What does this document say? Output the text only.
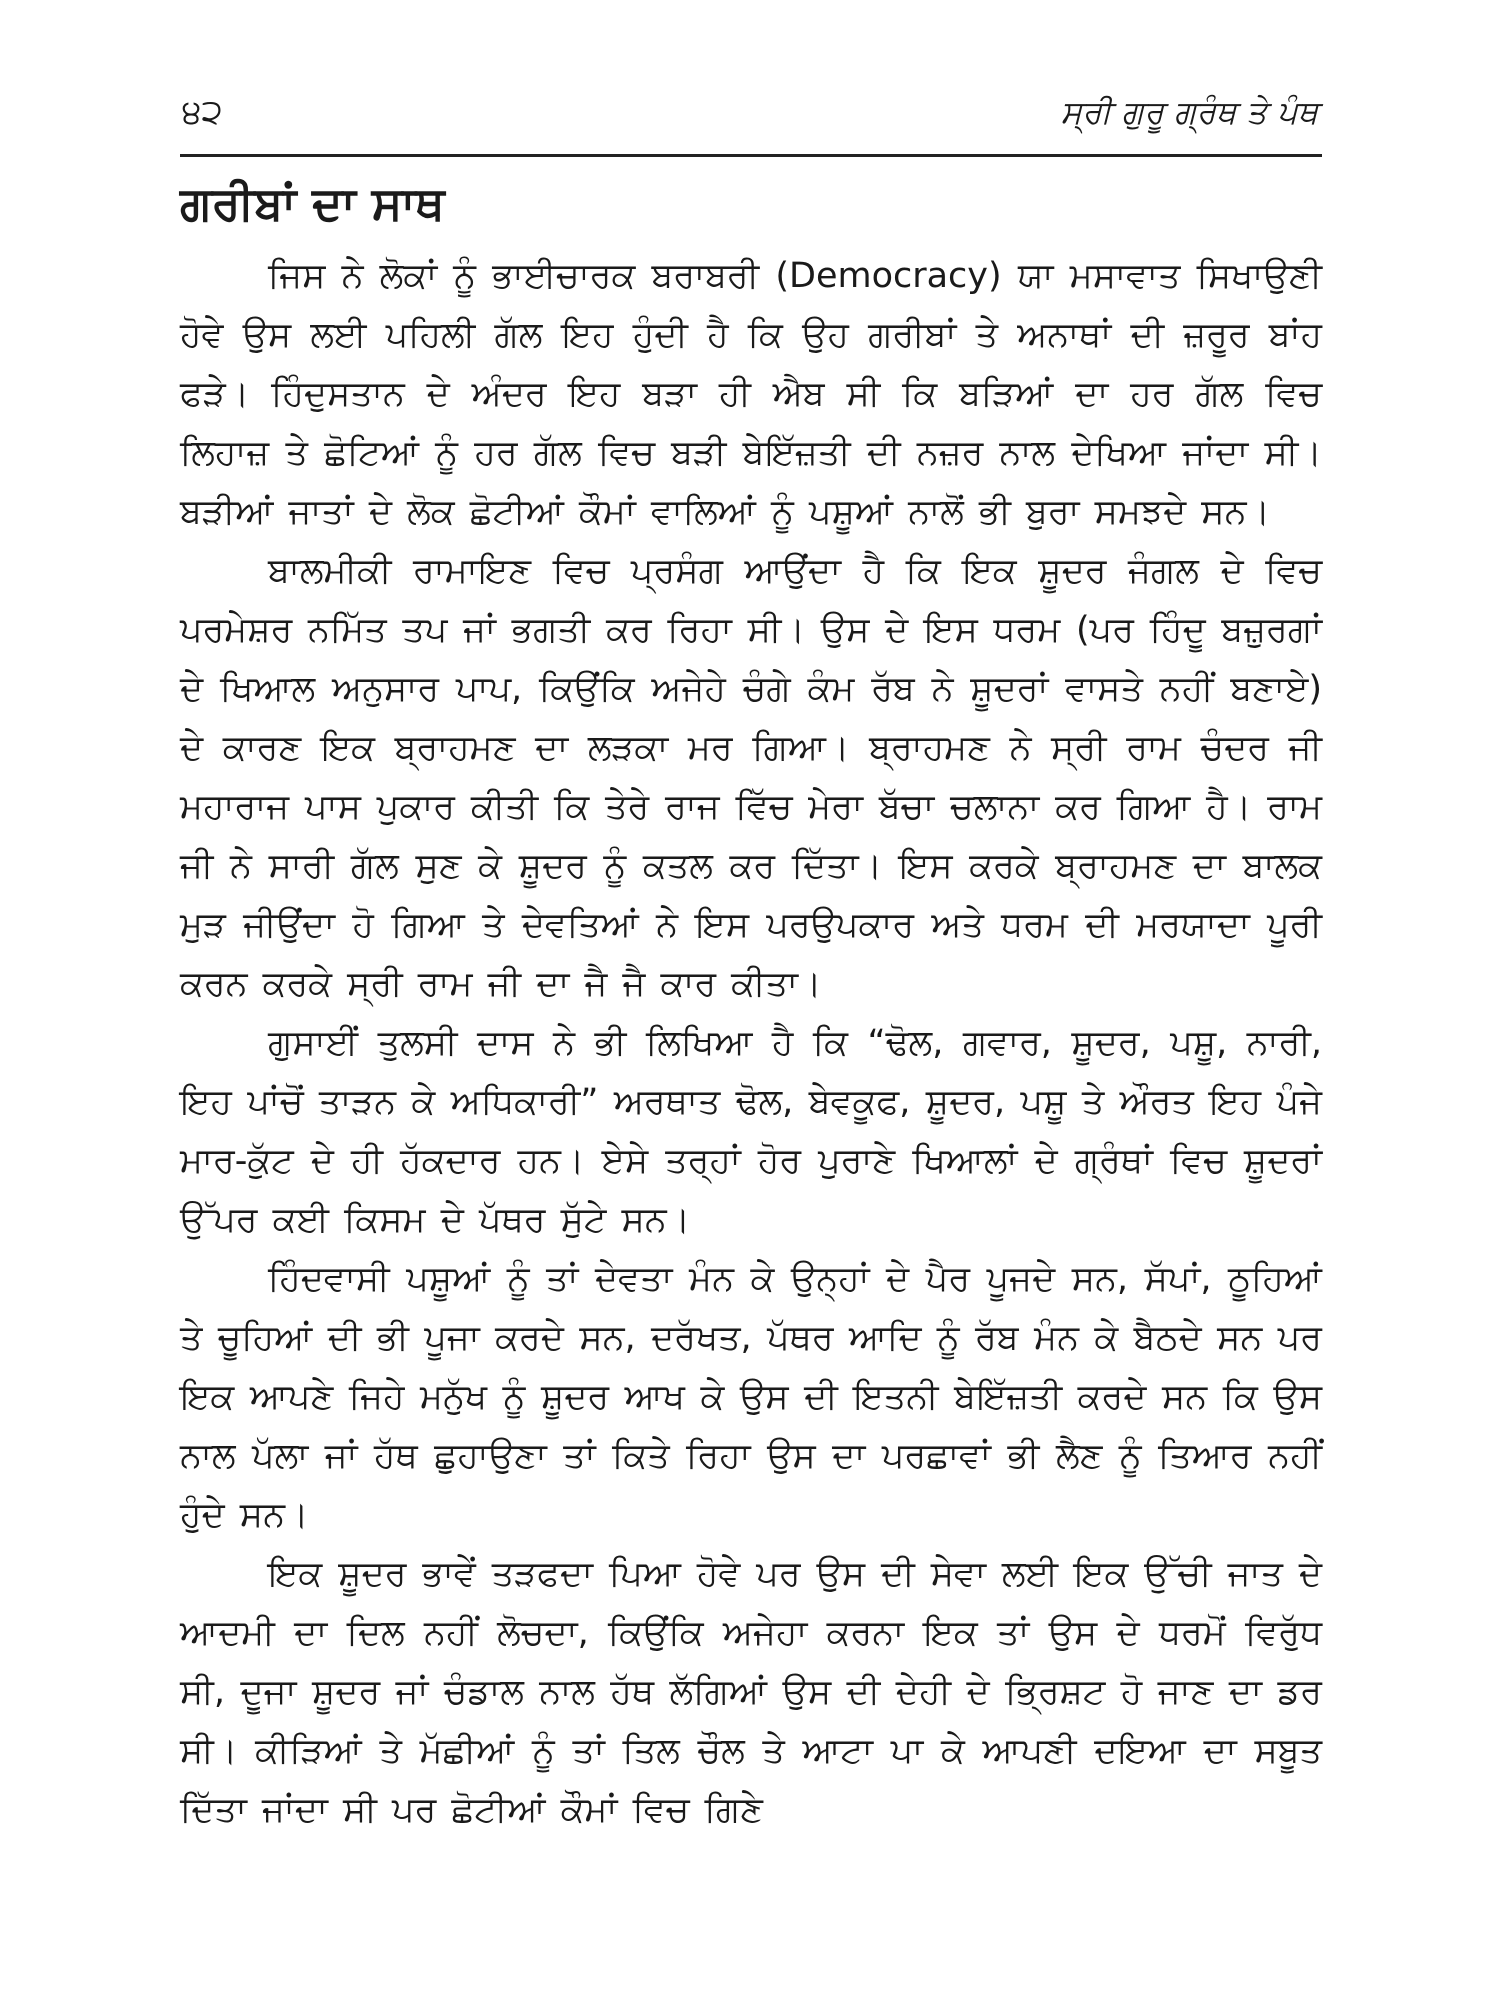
੪੨	ਸ੍ਰੀ ਗੁਰੂ ਗ੍ਰੰਥ ਤੇ ਪੰਥ
ਗਰੀਬਾਂ ਦਾ ਸਾਥ

ਜਿਸ ਨੇ ਲੋਕਾਂ ਨੂੰ ਭਾਈਚਾਰਕ ਬਰਾਬਰੀ (Democracy) ਯਾ ਮਸਾਵਾਤ ਸਿਖਾਉਣੀ ਹੋਵੇ ਉਸ ਲਈ ਪਹਿਲੀ ਗੱਲ ਇਹ ਹੁੰਦੀ ਹੈ ਕਿ ਉਹ ਗਰੀਬਾਂ ਤੇ ਅਨਾਥਾਂ ਦੀ ਜ਼ਰੂਰ ਬਾਂਹ ਫੜੇ। ਹਿੰਦੁਸਤਾਨ ਦੇ ਅੰਦਰ ਇਹ ਬੜਾ ਹੀ ਐਬ ਸੀ ਕਿ ਬੜਿਆਂ ਦਾ ਹਰ ਗੱਲ ਵਿਚ ਲਿਹਾਜ਼ ਤੇ ਛੋਟਿਆਂ ਨੂੰ ਹਰ ਗੱਲ ਵਿਚ ਬੜੀ ਬੇਇੱਜ਼ਤੀ ਦੀ ਨਜ਼ਰ ਨਾਲ ਦੇਖਿਆ ਜਾਂਦਾ ਸੀ। ਬੜੀਆਂ ਜਾਤਾਂ ਦੇ ਲੋਕ ਛੋਟੀਆਂ ਕੌਮਾਂ ਵਾਲਿਆਂ ਨੂੰ ਪਸ਼ੂਆਂ ਨਾਲੋਂ ਭੀ ਬੁਰਾ ਸਮਝਦੇ ਸਨ।

ਬਾਲਮੀਕੀ ਰਾਮਾਇਣ ਵਿਚ ਪ੍ਰਸੰਗ ਆਉਂਦਾ ਹੈ ਕਿ ਇਕ ਸ਼ੂਦਰ ਜੰਗਲ ਦੇ ਵਿਚ ਪਰਮੇਸ਼ਰ ਨਮਿੱਤ ਤਪ ਜਾਂ ਭਗਤੀ ਕਰ ਰਿਹਾ ਸੀ। ਉਸ ਦੇ ਇਸ ਧਰਮ (ਪਰ ਹਿੰਦੂ ਬਜ਼ੁਰਗਾਂ ਦੇ ਖਿਆਲ ਅਨੁਸਾਰ ਪਾਪ, ਕਿਉਂਕਿ ਅਜੇਹੇ ਚੰਗੇ ਕੰਮ ਰੱਬ ਨੇ ਸ਼ੂਦਰਾਂ ਵਾਸਤੇ ਨਹੀਂ ਬਣਾਏ) ਦੇ ਕਾਰਣ ਇਕ ਬ੍ਰਾਹਮਣ ਦਾ ਲੜਕਾ ਮਰ ਗਿਆ। ਬ੍ਰਾਹਮਣ ਨੇ ਸ੍ਰੀ ਰਾਮ ਚੰਦਰ ਜੀ ਮਹਾਰਾਜ ਪਾਸ ਪੁਕਾਰ ਕੀਤੀ ਕਿ ਤੇਰੇ ਰਾਜ ਵਿੱਚ ਮੇਰਾ ਬੱਚਾ ਚਲਾਨਾ ਕਰ ਗਿਆ ਹੈ। ਰਾਮ ਜੀ ਨੇ ਸਾਰੀ ਗੱਲ ਸੁਣ ਕੇ ਸ਼ੂਦਰ ਨੂੰ ਕਤਲ ਕਰ ਦਿੱਤਾ। ਇਸ ਕਰਕੇ ਬ੍ਰਾਹਮਣ ਦਾ ਬਾਲਕ ਮੁੜ ਜੀਉਂਦਾ ਹੋ ਗਿਆ ਤੇ ਦੇਵਤਿਆਂ ਨੇ ਇਸ ਪਰਉਪਕਾਰ ਅਤੇ ਧਰਮ ਦੀ ਮਰਯਾਦਾ ਪੂਰੀ ਕਰਨ ਕਰਕੇ ਸ੍ਰੀ ਰਾਮ ਜੀ ਦਾ ਜੈ ਜੈ ਕਾਰ ਕੀਤਾ।

ਗੁਸਾਈਂ ਤੁਲਸੀ ਦਾਸ ਨੇ ਭੀ ਲਿਖਿਆ ਹੈ ਕਿ “ਢੋਲ, ਗਵਾਰ, ਸ਼ੂਦਰ, ਪਸ਼ੂ, ਨਾਰੀ, ਇਹ ਪਾਂਚੋਂ ਤਾੜਨ ਕੇ ਅਧਿਕਾਰੀ” ਅਰਥਾਤ ਢੋਲ, ਬੇਵਕੂਫ, ਸ਼ੂਦਰ, ਪਸ਼ੂ ਤੇ ਔਰਤ ਇਹ ਪੰਜੇ ਮਾਰ-ਕੁੱਟ ਦੇ ਹੀ ਹੱਕਦਾਰ ਹਨ। ਏਸੇ ਤਰ੍ਹਾਂ ਹੋਰ ਪੁਰਾਣੇ ਖਿਆਲਾਂ ਦੇ ਗ੍ਰੰਥਾਂ ਵਿਚ ਸ਼ੂਦਰਾਂ ਉੱਪਰ ਕਈ ਕਿਸਮ ਦੇ ਪੱਥਰ ਸੁੱਟੇ ਸਨ।

ਹਿੰਦਵਾਸੀ ਪਸ਼ੂਆਂ ਨੂੰ ਤਾਂ ਦੇਵਤਾ ਮੰਨ ਕੇ ਉਨ੍ਹਾਂ ਦੇ ਪੈਰ ਪੂਜਦੇ ਸਨ, ਸੱਪਾਂ, ਠੂਹਿਆਂ ਤੇ ਚੂਹਿਆਂ ਦੀ ਭੀ ਪੂਜਾ ਕਰਦੇ ਸਨ, ਦਰੱਖਤ, ਪੱਥਰ ਆਦਿ ਨੂੰ ਰੱਬ ਮੰਨ ਕੇ ਬੈਠਦੇ ਸਨ ਪਰ ਇਕ ਆਪਣੇ ਜਿਹੇ ਮਨੁੱਖ ਨੂੰ ਸ਼ੂਦਰ ਆਖ ਕੇ ਉਸ ਦੀ ਇਤਨੀ ਬੇਇੱਜ਼ਤੀ ਕਰਦੇ ਸਨ ਕਿ ਉਸ ਨਾਲ ਪੱਲਾ ਜਾਂ ਹੱਥ ਛੁਹਾਉਣਾ ਤਾਂ ਕਿਤੇ ਰਿਹਾ ਉਸ ਦਾ ਪਰਛਾਵਾਂ ਭੀ ਲੈਣ ਨੂੰ ਤਿਆਰ ਨਹੀਂ ਹੁੰਦੇ ਸਨ।

ਇਕ ਸ਼ੂਦਰ ਭਾਵੇਂ ਤੜਫਦਾ ਪਿਆ ਹੋਵੇ ਪਰ ਉਸ ਦੀ ਸੇਵਾ ਲਈ ਇਕ ਉੱਚੀ ਜਾਤ ਦੇ ਆਦਮੀ ਦਾ ਦਿਲ ਨਹੀਂ ਲੋਚਦਾ, ਕਿਉਂਕਿ ਅਜੇਹਾ ਕਰਨਾ ਇਕ ਤਾਂ ਉਸ ਦੇ ਧਰਮੋਂ ਵਿਰੁੱਧ ਸੀ, ਦੂਜਾ ਸ਼ੂਦਰ ਜਾਂ ਚੰਡਾਲ ਨਾਲ ਹੱਥ ਲੱਗਿਆਂ ਉਸ ਦੀ ਦੇਹੀ ਦੇ ਭ੍ਰਿਸ਼ਟ ਹੋ ਜਾਣ ਦਾ ਡਰ ਸੀ। ਕੀੜਿਆਂ ਤੇ ਮੱਛੀਆਂ ਨੂੰ ਤਾਂ ਤਿਲ ਚੌਲ ਤੇ ਆਟਾ ਪਾ ਕੇ ਆਪਣੀ ਦਇਆ ਦਾ ਸਬੂਤ ਦਿੱਤਾ ਜਾਂਦਾ ਸੀ ਪਰ ਛੋਟੀਆਂ ਕੌਮਾਂ ਵਿਚ ਗਿਣੇ
